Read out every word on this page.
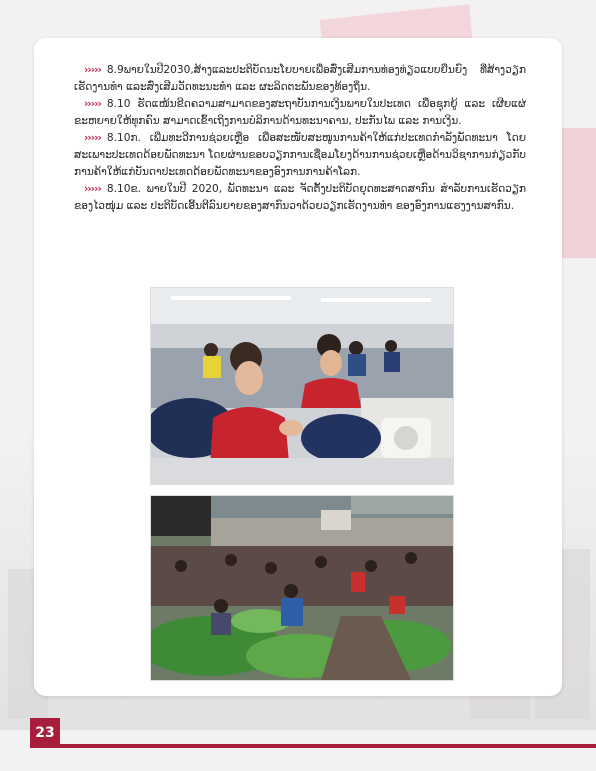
››››› 8.9ພາຍໃນປີ2030,ສ້າງແລະປະຕິບັດນະໂຍບາຍເພື່ອສົ່ງເສີມການທ່ອງທ່ຽວແບບຍືນຍົງ ທີ່ສ້າງວຽກເຮັດງານທຳ ແລະສົ່ງເສີມວັດທະນະທຳ ແລະ ຜະລິດຕະພັນຂອງທ້ອງຖິ່ນ.

››››› 8.10 ຮັດແໜ້ນຂີດຄວາມສາມາດຂອງສະຖາບັນການເງິນພາຍໃນປະເທດ ເພື່ອຊຸກຍູ້ ແລະ ເຜີຍແຜ່ຂະຫຍາຍໃຫ້ທຸກຄົນ ສາມາດເຂົ້າເຖິງການບໍລິການດ້ານທະນາຄານ, ປະກັນໄພ ແລະ ການເງິນ.

››››› 8.10ກ. ເພີ່ມທະວີການຊ່ວຍເຫຼືອ ເພື່ອສະໜັບສະໜູນການຄ້າໃຫ້ແກ່ປະເທດກຳລັງພັດທະນາ ໂດຍສະເພາະປະເທດດ້ອຍພັດທະນາ ໂດຍຜ່ານຂອບວຽກການເຊື່ອມໂຍງດ້ານການຊ່ວຍເຫຼືອດ້ານວິຊາການກ່ຽວກັບການຄ້າໃຫ້ແກ່ບັນດາປະເທດດ້ອຍພັດທະນາຂອງອົງການການຄ້າໂລກ.

››››› 8.10ຂ. ພາຍໃນປີ 2020, ພັດທະນາ ແລະ ຈັດຕັ້ງປະຕິບັດຍຸດທະສາດສາກົນ ສໍາລັບການເຮັດວຽກຂອງໄວໜຸ່ມ ແລະ ປະຕິບັດເອີ້ນຕີລົນຍາຍຂອງສາກົນວາດ້ວຍວຽກເຮັດງານທຳ ຂອງອົງການແຮງງານສາກົນ.

23
